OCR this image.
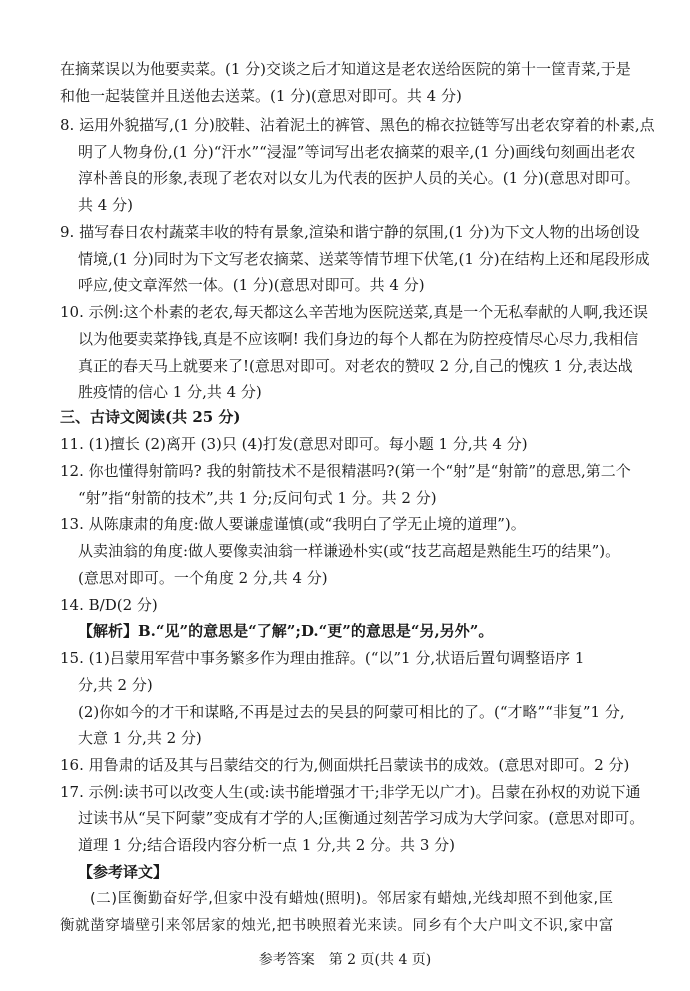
在摘菜误以为他要卖菜。(1 分)交谈之后才知道这是老农送给医院的第十一筐青菜,于是
和他一起装筐并且送他去送菜。(1 分)(意思对即可。共 4 分)
8. 运用外貌描写,(1 分)胶鞋、沾着泥土的裤管、黑色的棉衣拉链等写出老农穿着的朴素,点
明了人物身份,(1 分)“汗水”“浸湿”等词写出老农摘菜的艰辛,(1 分)画线句刻画出老农
淳朴善良的形象,表现了老农对以女儿为代表的医护人员的关心。(1 分)(意思对即可。
共 4 分)
9. 描写春日农村蔬菜丰收的特有景象,渲染和谐宁静的氛围,(1 分)为下文人物的出场创设
情境,(1 分)同时为下文写老农摘菜、送菜等情节埋下伏笔,(1 分)在结构上还和尾段形成
呼应,使文章浑然一体。(1 分)(意思对即可。共 4 分)
10. 示例:这个朴素的老农,每天都这么辛苦地为医院送菜,真是一个无私奉献的人啊,我还误
以为他要卖菜挣钱,真是不应该啊! 我们身边的每个人都在为防控疫情尽心尽力,我相信
真正的春天马上就要来了!(意思对即可。对老农的赞叹 2 分,自己的愧疚 1 分,表达战
胜疫情的信心 1 分,共 4 分)
三、古诗文阅读(共 25 分)
11. (1)擅长 (2)离开 (3)只 (4)打发(意思对即可。每小题 1 分,共 4 分)
12. 你也懂得射箭吗? 我的射箭技术不是很精湛吗?(第一个“射”是“射箭”的意思,第二个
“射”指“射箭的技术”,共 1 分;反问句式 1 分。共 2 分)
13. 从陈康肃的角度:做人要谦虚谨慎(或“我明白了学无止境的道理”)。
从卖油翁的角度:做人要像卖油翁一样谦逊朴实(或“技艺高超是熟能生巧的结果”)。
(意思对即可。一个角度 2 分,共 4 分)
14. B/D(2 分)
【解析】B.“见”的意思是“了解”;D.“更”的意思是“另,另外”。
15. (1)吕蒙用军营中事务繁多作为理由推辞。(“以”1 分,状语后置句调整语序 1
分,共 2 分)
(2)你如今的才干和谋略,不再是过去的吴县的阿蒙可相比的了。(“才略”“非复”1 分,
大意 1 分,共 2 分)
16. 用鲁肃的话及其与吕蒙结交的行为,侧面烘托吕蒙读书的成效。(意思对即可。2 分)
17. 示例:读书可以改变人生(或:读书能增强才干;非学无以广才)。吕蒙在孙权的劝说下通
过读书从“吴下阿蒙”变成有才学的人;匡衡通过刻苦学习成为大学问家。(意思对即可。
道理 1 分;结合语段内容分析一点 1 分,共 2 分。共 3 分)
【参考译文】
(二)匡衡勤奋好学,但家中没有蜡烛(照明)。邻居家有蜡烛,光线却照不到他家,匡
衡就凿穿墙壁引来邻居家的烛光,把书映照着光来读。同乡有个大户叫文不识,家中富
参考答案　第 2 页(共 4 页)
